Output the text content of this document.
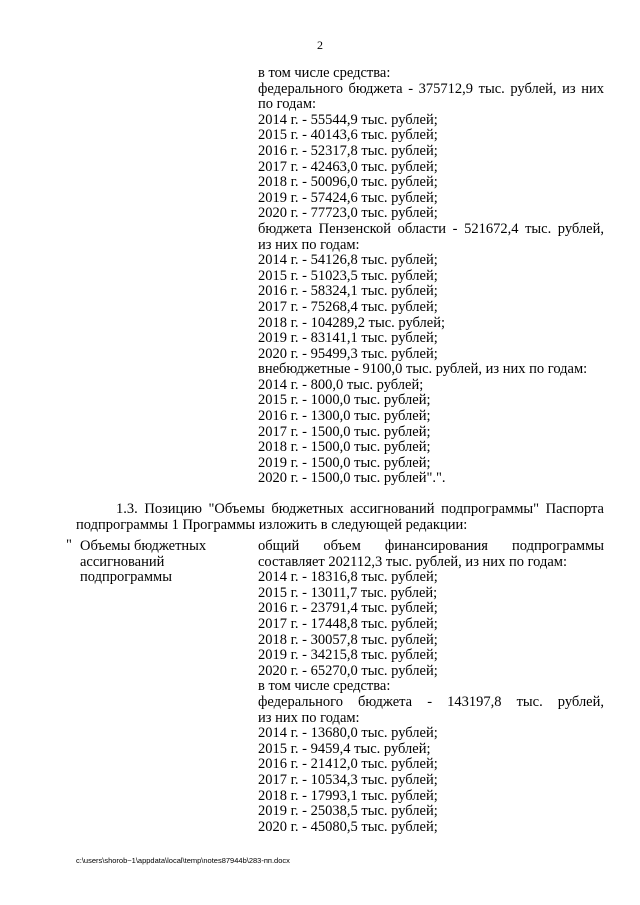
2
в том числе средства:
федерального бюджета - 375712,9 тыс. рублей, из них
по годам:
2014 г. - 55544,9 тыс. рублей;
2015 г. - 40143,6 тыс. рублей;
2016 г. - 52317,8 тыс. рублей;
2017 г. - 42463,0 тыс. рублей;
2018 г. - 50096,0 тыс. рублей;
2019 г. - 57424,6 тыс. рублей;
2020 г. - 77723,0 тыс. рублей;
бюджета Пензенской области - 521672,4 тыс. рублей,
из них по годам:
2014 г. - 54126,8 тыс. рублей;
2015 г. - 51023,5 тыс. рублей;
2016 г. - 58324,1 тыс. рублей;
2017 г. - 75268,4 тыс. рублей;
2018 г. - 104289,2 тыс. рублей;
2019 г. - 83141,1 тыс. рублей;
2020 г. - 95499,3 тыс. рублей;
внебюджетные - 9100,0 тыс. рублей, из них по годам:
2014 г. - 800,0 тыс. рублей;
2015 г. - 1000,0 тыс. рублей;
2016 г. - 1300,0 тыс. рублей;
2017 г. - 1500,0 тыс. рублей;
2018 г. - 1500,0 тыс. рублей;
2019 г. - 1500,0 тыс. рублей;
2020 г. - 1500,0 тыс. рублей".".
1.3. Позицию "Объемы бюджетных ассигнований подпрограммы" Паспорта
подпрограммы 1 Программы изложить в следующей редакции:
" Объемы бюджетных
ассигнований
подпрограммы
общий объем финансирования подпрограммы
составляет 202112,3 тыс. рублей, из них по годам:
2014 г. - 18316,8 тыс. рублей;
2015 г. - 13011,7 тыс. рублей;
2016 г. - 23791,4 тыс. рублей;
2017 г. - 17448,8 тыс. рублей;
2018 г. - 30057,8 тыс. рублей;
2019 г. - 34215,8 тыс. рублей;
2020 г. - 65270,0 тыс. рублей;
в том числе средства:
федерального бюджета - 143197,8 тыс. рублей,
из них по годам:
2014 г. - 13680,0 тыс. рублей;
2015 г. - 9459,4 тыс. рублей;
2016 г. - 21412,0 тыс. рублей;
2017 г. - 10534,3 тыс. рублей;
2018 г. - 17993,1 тыс. рублей;
2019 г. - 25038,5 тыс. рублей;
2020 г. - 45080,5 тыс. рублей;
c:\users\shorob~1\appdata\local\temp\notes87944b\283-пп.docx
